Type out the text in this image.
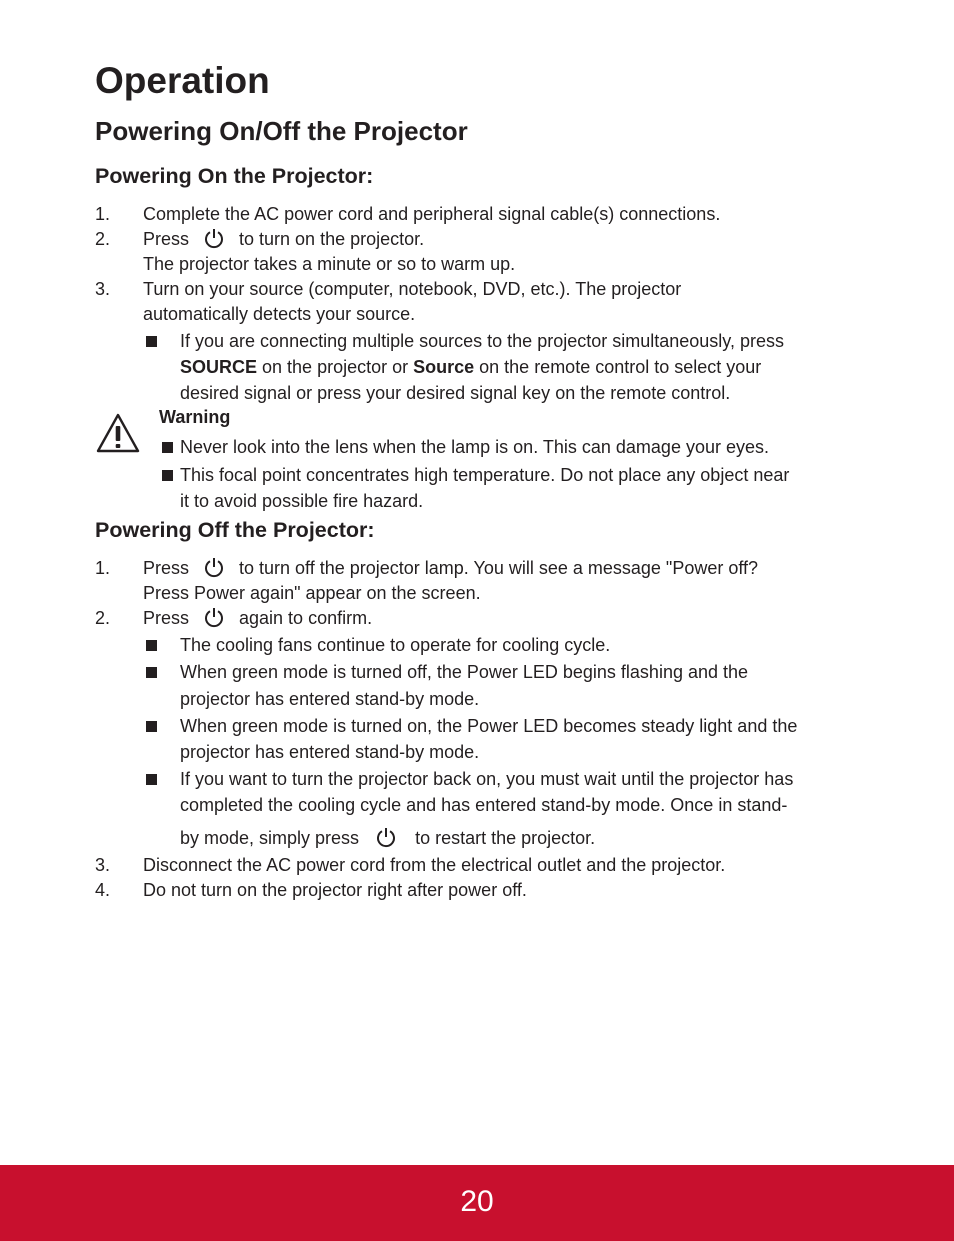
Operation
Powering On/Off the Projector
Powering On the Projector:
1. Complete the AC power cord and peripheral signal cable(s) connections.
2. Press	to turn on the projector.
The projector takes a minute or so to warm up.
3. Turn on your source (computer, notebook, DVD, etc.). The projector
automatically detects your source.
If you are connecting multiple sources to the projector simultaneously, press
SOURCE on the projector or Source on the remote control to select your
desired signal or press your desired signal key on the remote control.
Warning
Never look into the lens when the lamp is on. This can damage your eyes.
This focal point concentrates high temperature. Do not place any object near
it to avoid possible fire hazard.
Powering Off the Projector:
1. Press	to turn off the projector lamp. You will see a message "Power off?
Press Power again" appear on the screen.
2. Press	again to confirm.
The cooling fans continue to operate for cooling cycle.
When green mode is turned off, the Power LED begins flashing and the
projector has entered stand-by mode.
When green mode is turned on, the Power LED becomes steady light and the
projector has entered stand-by mode.
If you want to turn the projector back on, you must wait until the projector has
completed the cooling cycle and has entered stand-by mode. Once in stand-
by mode, simply press	to restart the projector.
3. Disconnect the AC power cord from the electrical outlet and the projector.
4. Do not turn on the projector right after power off.
20
